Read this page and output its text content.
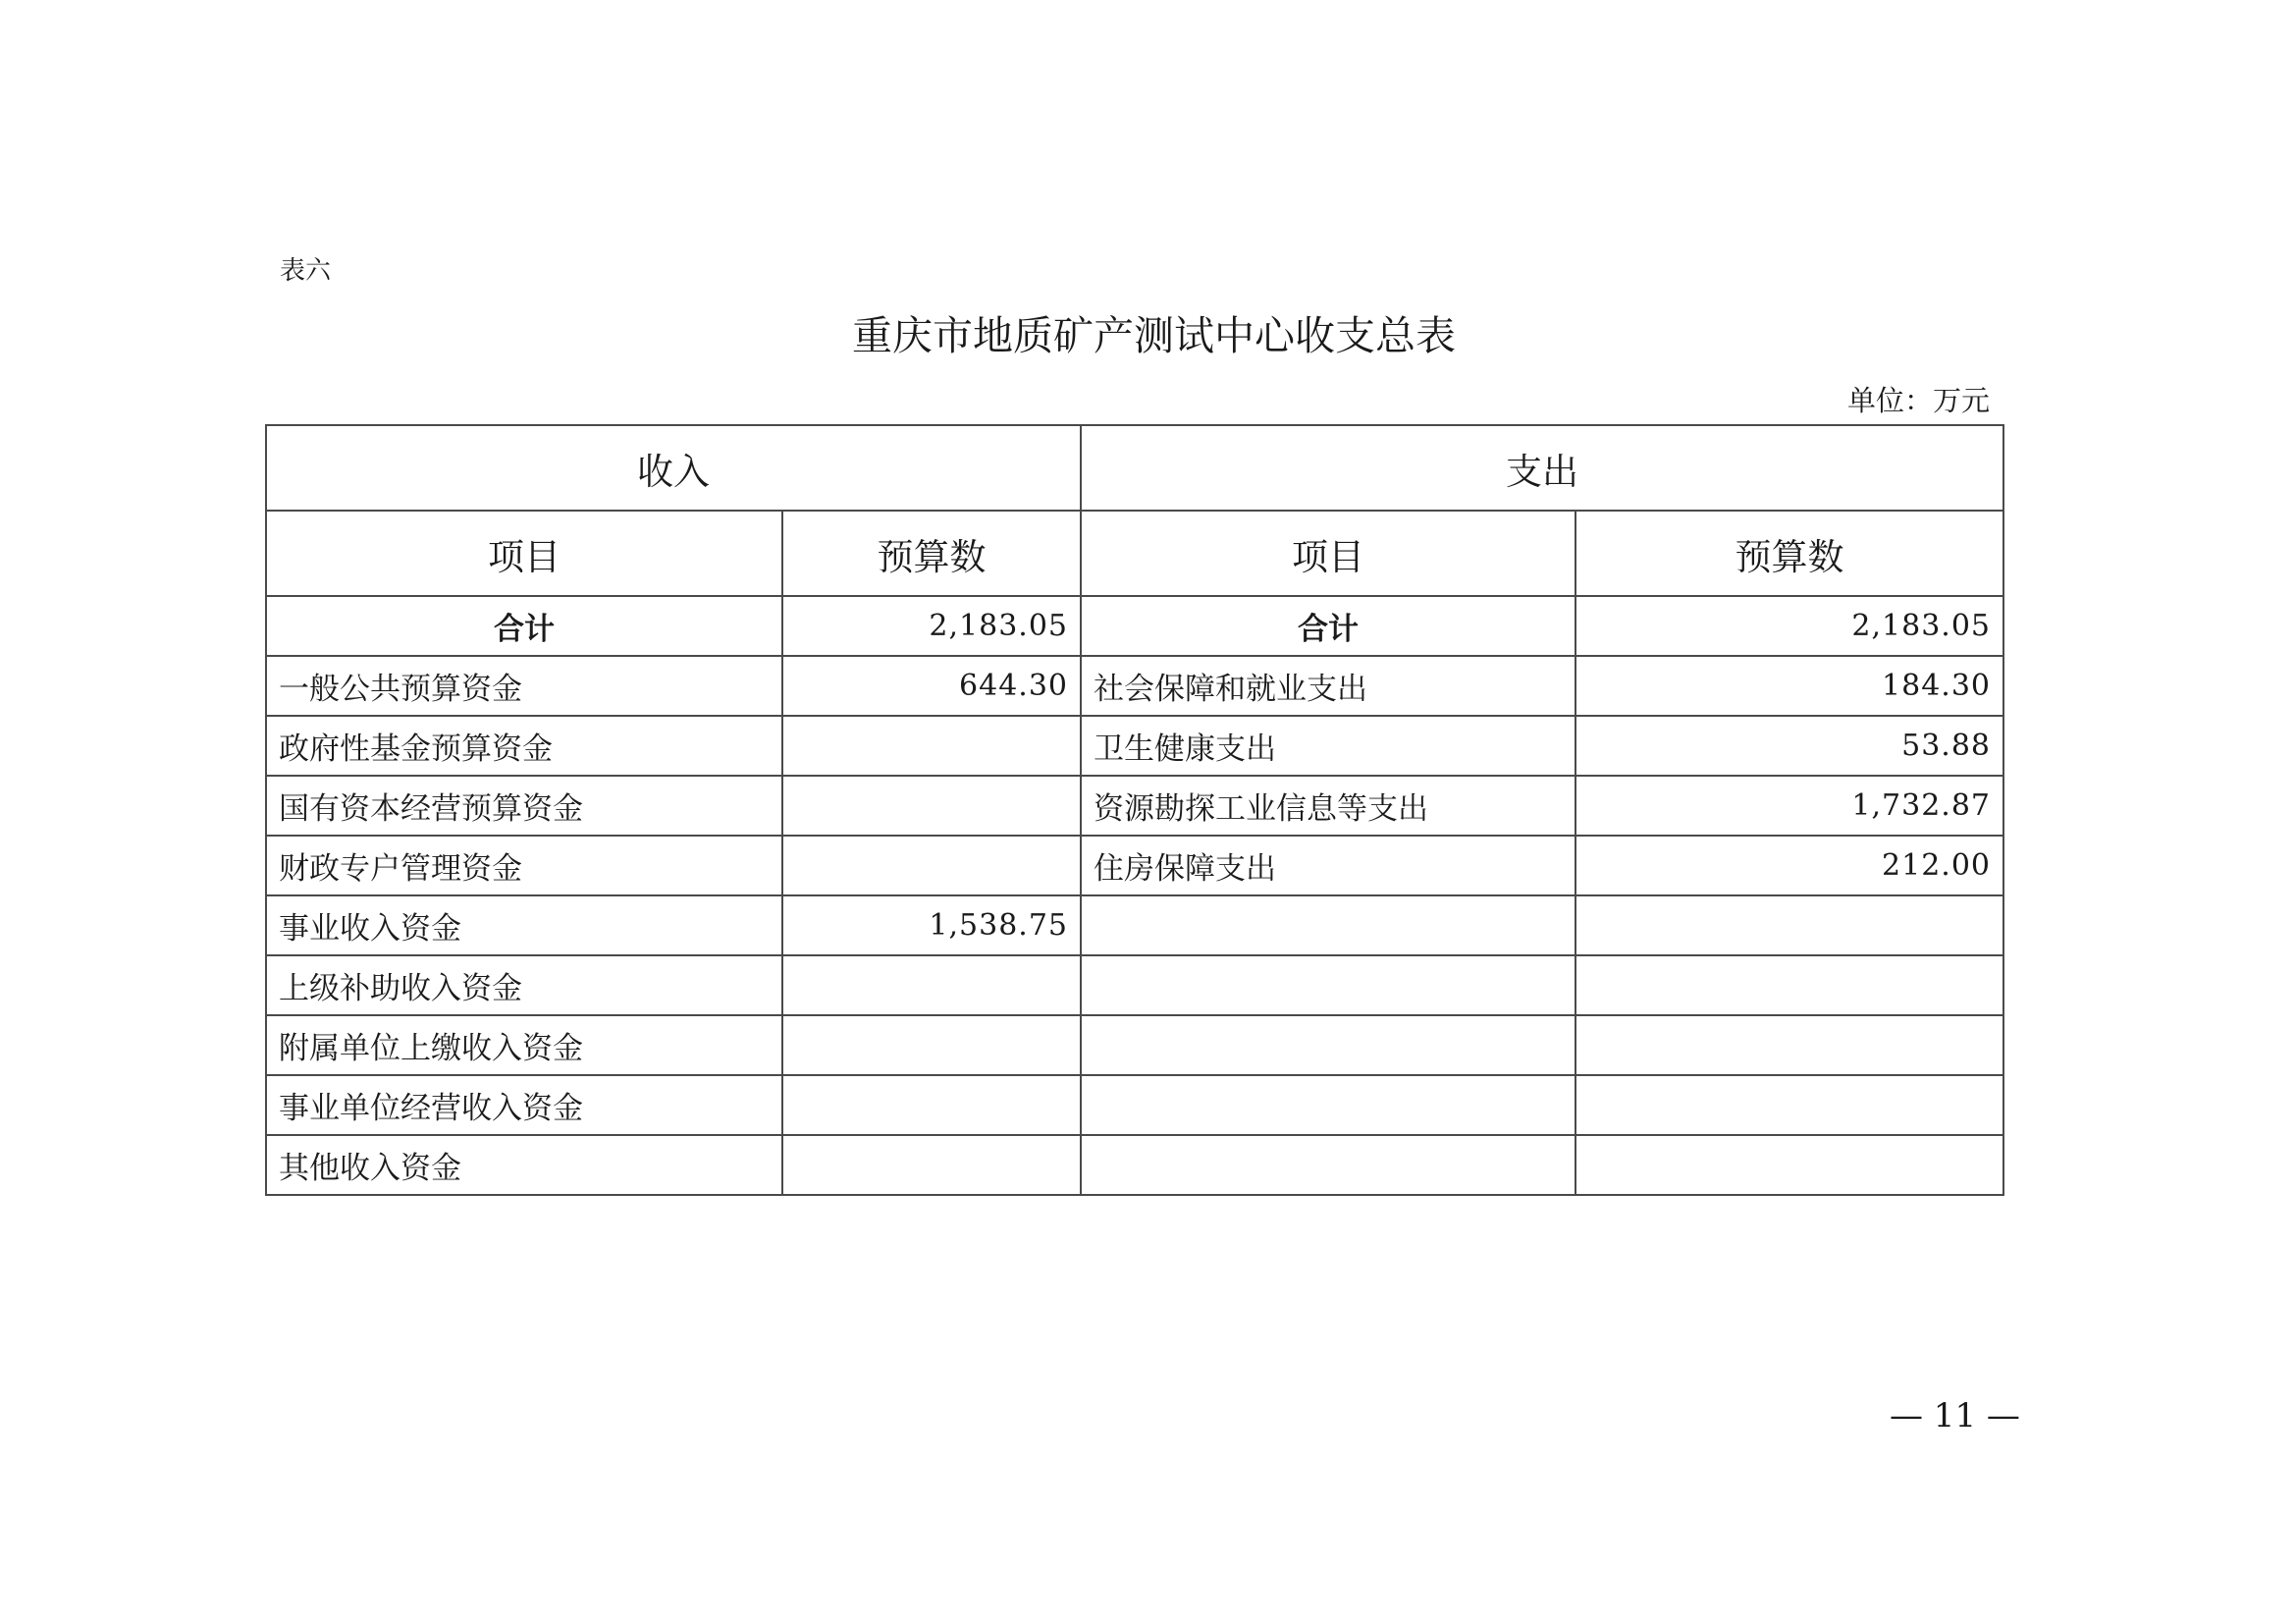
表六
重庆市地质矿产测试中心收支总表
单位：万元
收入		支出	
项目	预算数	项目	预算数
合计	2,183.05	合计	2,183.05
一般公共预算资金	644.30	社会保障和就业支出	184.30
政府性基金预算资金		卫生健康支出	53.88
国有资本经营预算资金		资源勘探工业信息等支出	1,732.87
财政专户管理资金		住房保障支出	212.00
事业收入资金	1,538.75		
上级补助收入资金			
附属单位上缴收入资金			
事业单位经营收入资金			
其他收入资金			
— 11 —
